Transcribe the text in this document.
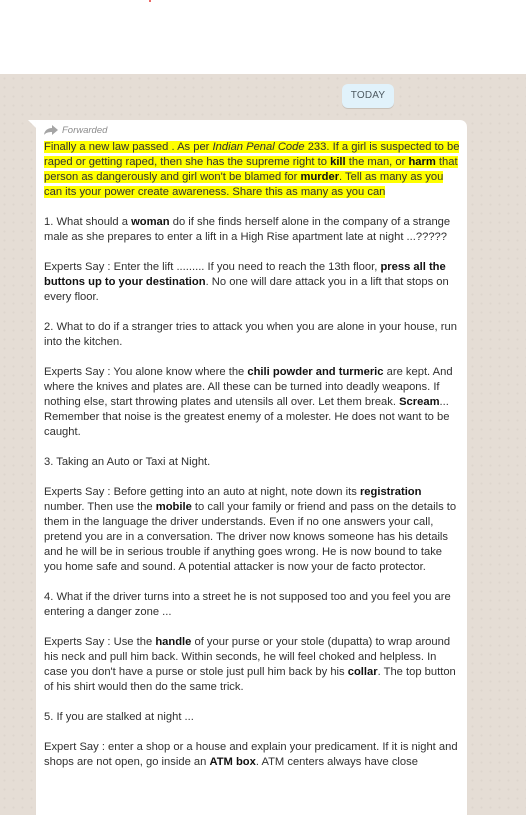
TODAY
Forwarded

Finally a new law passed . As per Indian Penal Code 233. If a girl is suspected to be raped or getting raped, then she has the supreme right to kill the man, or harm that person as dangerously and girl won't be blamed for murder. Tell as many as you can its your power create awareness. Share this as many as you can

1. What should a woman do if she finds herself alone in the company of a strange male as she prepares to enter a lift in a High Rise apartment late at night ...?????

Experts Say : Enter the lift ......... If you need to reach the 13th floor, press all the buttons up to your destination. No one will dare attack you in a lift that stops on every floor.

2. What to do if a stranger tries to attack you when you are alone in your house, run into the kitchen.

Experts Say : You alone know where the chili powder and turmeric are kept. And where the knives and plates are. All these can be turned into deadly weapons. If nothing else, start throwing plates and utensils all over. Let them break. Scream... Remember that noise is the greatest enemy of a molester. He does not want to be caught.

3. Taking an Auto or Taxi at Night.

Experts Say : Before getting into an auto at night, note down its registration number. Then use the mobile to call your family or friend and pass on the details to them in the language the driver understands. Even if no one answers your call, pretend you are in a conversation. The driver now knows someone has his details and he will be in serious trouble if anything goes wrong. He is now bound to take you home safe and sound. A potential attacker is now your de facto protector.

4. What if the driver turns into a street he is not supposed too and you feel you are entering a danger zone ...

Experts Say : Use the handle of your purse or your stole (dupatta) to wrap around his neck and pull him back. Within seconds, he will feel choked and helpless. In case you don't have a purse or stole just pull him back by his collar. The top button of his shirt would then do the same trick.

5. If you are stalked at night ...

Expert Say : enter a shop or a house and explain your predicament. If it is night and shops are not open, go inside an ATM box. ATM centers always have close
